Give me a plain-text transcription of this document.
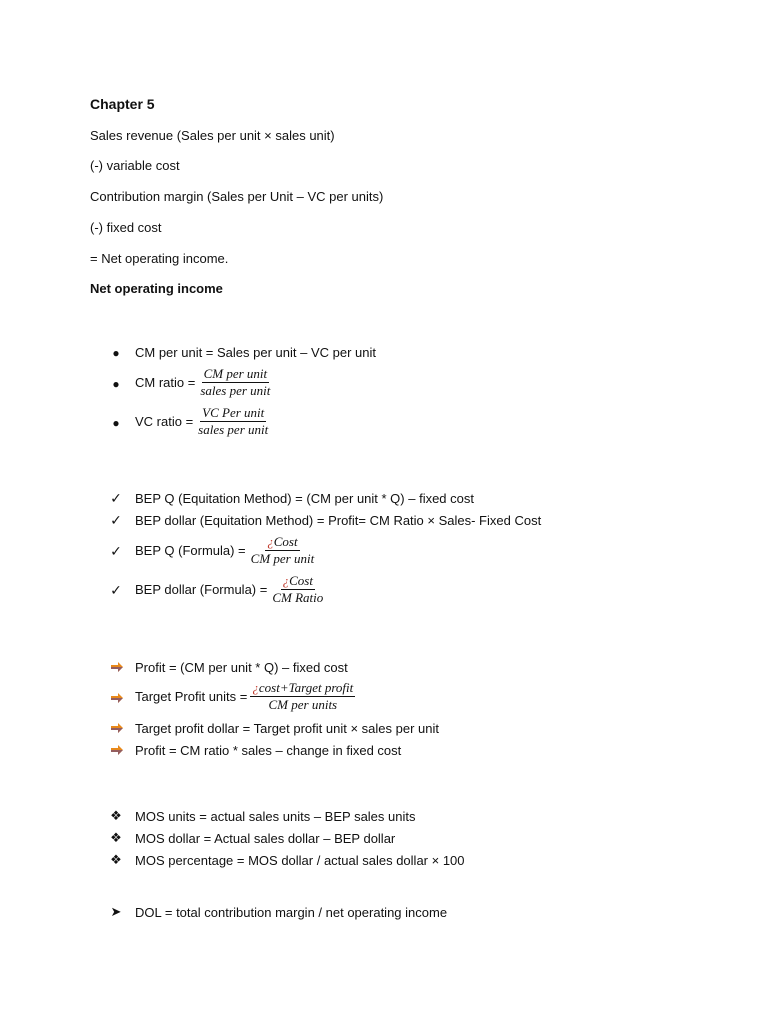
Chapter 5
Sales revenue (Sales per unit × sales unit)
(-) variable cost
Contribution margin (Sales per Unit – VC per units)
(-) fixed cost
= Net operating income.
Net operating income
●	CM per unit = Sales per unit – VC per unit
●	CM ratio = $\frac{\text{CM per unit}}{\text{sales per unit}}$
●	VC ratio = $\frac{\text{VC Per unit}}{\text{sales per unit}}$
✓	BEP Q (Equitation Method) = (CM per unit * Q) – fixed cost
✓	BEP dollar (Equitation Method) = Profit= CM Ratio × Sales- Fixed Cost
✓	BEP Q (Formula) = $\frac{\text{¿Cost}}{\text{CM per unit}}$
✓	BEP dollar (Formula) = $\frac{\text{¿Cost}}{\text{CM Ratio}}$
Profit = (CM per unit * Q) – fixed cost
Target Profit units = $\frac{\text{¿cost+Target profit}}{\text{CM per units}}$
Target profit dollar = Target profit unit × sales per unit
Profit = CM ratio * sales – change in fixed cost
❖	MOS units = actual sales units – BEP sales units
❖	MOS dollar = Actual sales dollar – BEP dollar
❖	MOS percentage = MOS dollar / actual sales dollar × 100
➤	DOL = total contribution margin / net operating income
